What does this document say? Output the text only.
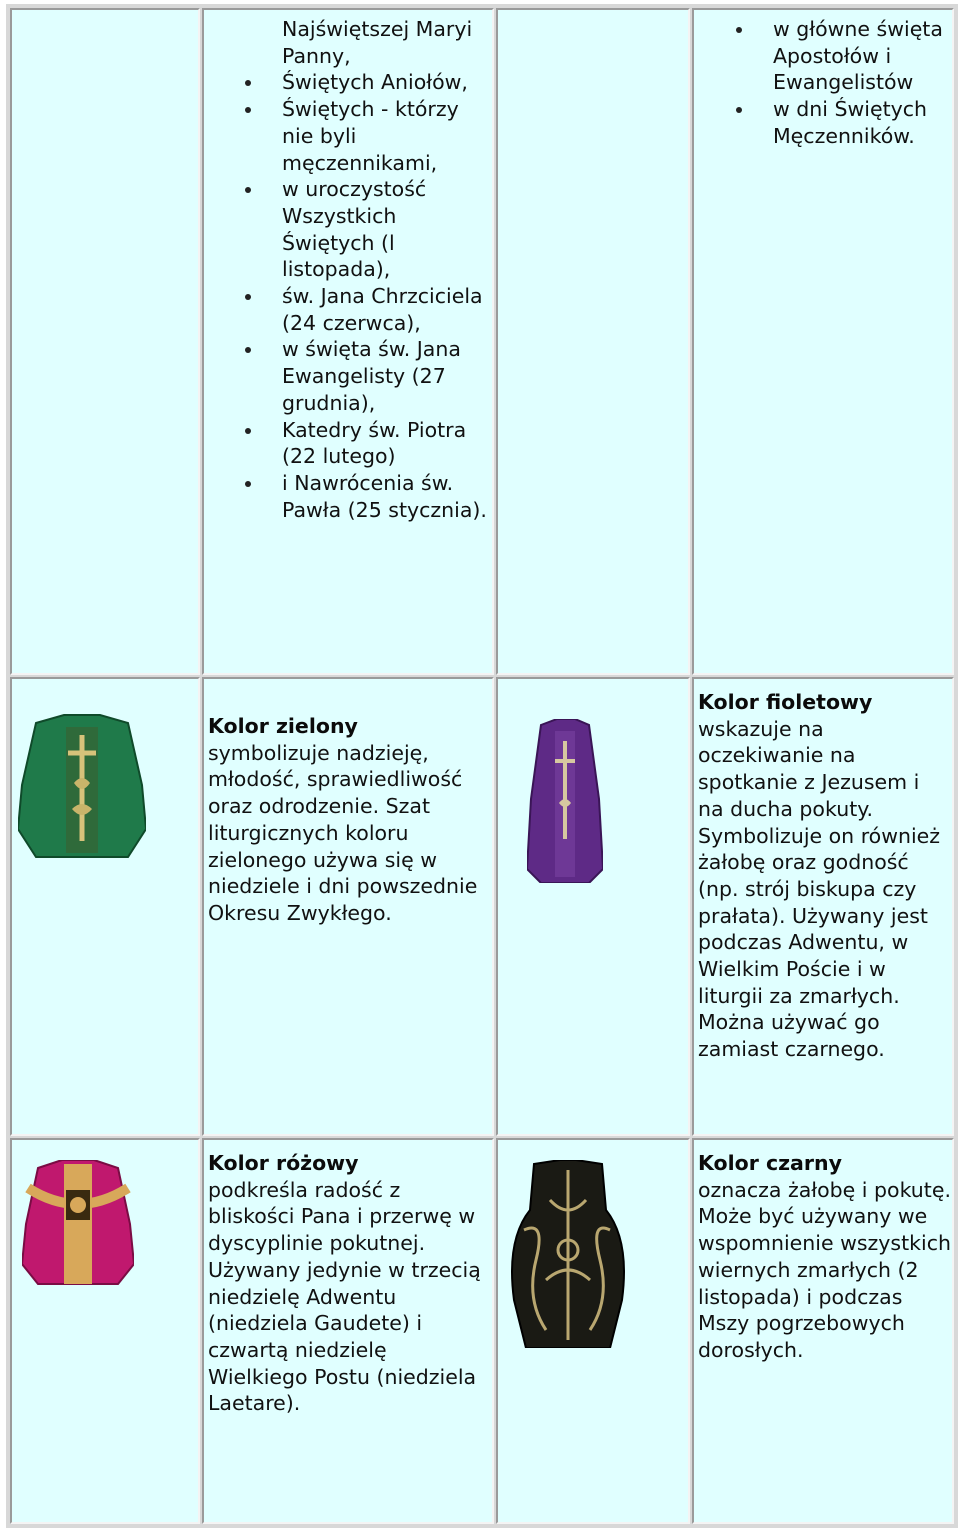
Najświętszej Maryi Panny,
Świętych Aniołów,
Świętych - którzy nie byli męczennikami,
w uroczystość Wszystkich Świętych (l listopada),
św. Jana Chrzciciela (24 czerwca),
w święta św. Jana Ewangelisty (27 grudnia),
Katedry św. Piotra (22 lutego)
i Nawrócenia św. Pawła (25 stycznia).
w główne święta Apostołów i Ewangelistów
w dni Świętych Męczenników.
Kolor zielony
symbolizuje nadzieję, młodość, sprawiedliwość oraz odrodzenie. Szat liturgicznych koloru zielonego używa się w niedziele i dni powszednie Okresu Zwykłego.
Kolor fioletowy
wskazuje na oczekiwanie na spotkanie z Jezusem i na ducha pokuty. Symbolizuje on również żałobę oraz godność (np. strój biskupa czy prałata). Używany jest podczas Adwentu, w Wielkim Poście i w liturgii za zmarłych. Można używać go zamiast czarnego.
Kolor różowy
podkreśla radość z bliskości Pana i przerwę w dyscyplinie pokutnej. Używany jedynie w trzecią niedzielę Adwentu (niedziela Gaudete) i czwartą niedzielę Wielkiego Postu (niedziela Laetare).
Kolor czarny
oznacza żałobę i pokutę. Może być używany we wspomnienie wszystkich wiernych zmarłych (2 listopada) i podczas Mszy pogrzebowych dorosłych.
